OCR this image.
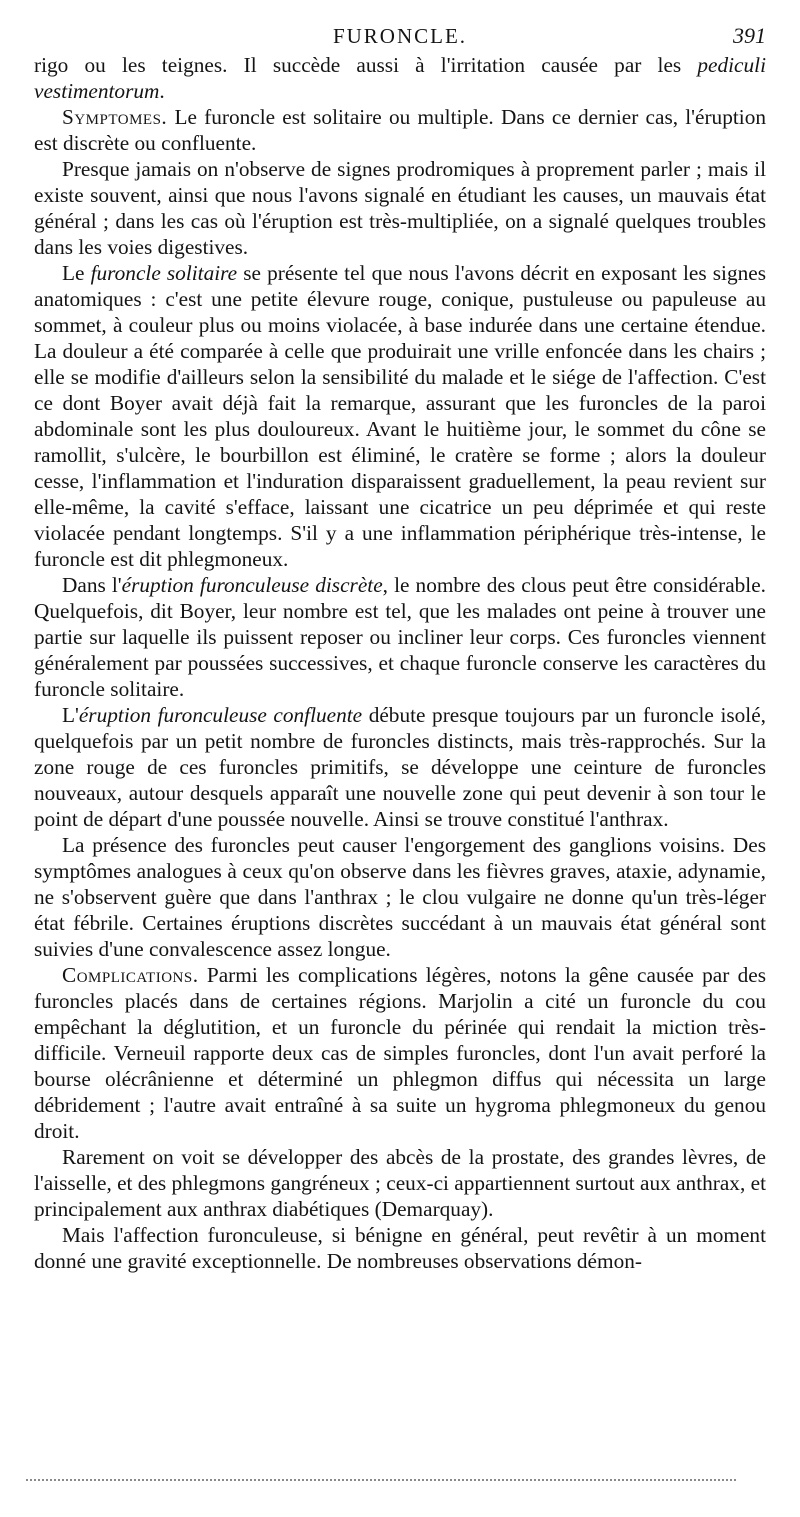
FURONCLE.	391

rigo ou les teignes. Il succède aussi à l'irritation causée par les pediculi vestimentorum.

Symptomes. Le furoncle est solitaire ou multiple. Dans ce dernier cas, l'éruption est discrète ou confluente.

Presque jamais on n'observe de signes prodromiques à proprement parler ; mais il existe souvent, ainsi que nous l'avons signalé en étudiant les causes, un mauvais état général ; dans les cas où l'éruption est très-multipliée, on a signalé quelques troubles dans les voies digestives.

Le furoncle solitaire se présente tel que nous l'avons décrit en exposant les signes anatomiques : c'est une petite élevure rouge, conique, pustuleuse ou papuleuse au sommet, à couleur plus ou moins violacée, à base indurée dans une certaine étendue. La douleur a été comparée à celle que produirait une vrille enfoncée dans les chairs ; elle se modifie d'ailleurs selon la sensibilité du malade et le siége de l'affection. C'est ce dont Boyer avait déjà fait la remarque, assurant que les furoncles de la paroi abdominale sont les plus douloureux. Avant le huitième jour, le sommet du cône se ramollit, s'ulcère, le bourbillon est éliminé, le cratère se forme ; alors la douleur cesse, l'inflammation et l'induration disparaissent graduellement, la peau revient sur elle-même, la cavité s'efface, laissant une cicatrice un peu déprimée et qui reste violacée pendant longtemps. S'il y a une inflammation périphérique très-intense, le furoncle est dit phlegmoneux.

Dans l'éruption furonculeuse discrète, le nombre des clous peut être considérable. Quelquefois, dit Boyer, leur nombre est tel, que les malades ont peine à trouver une partie sur laquelle ils puissent reposer ou incliner leur corps. Ces furoncles viennent généralement par poussées successives, et chaque furoncle conserve les caractères du furoncle solitaire.

L'éruption furonculeuse confluente débute presque toujours par un furoncle isolé, quelquefois par un petit nombre de furoncles distincts, mais très-rapprochés. Sur la zone rouge de ces furoncles primitifs, se développe une ceinture de furoncles nouveaux, autour desquels apparaît une nouvelle zone qui peut devenir à son tour le point de départ d'une poussée nouvelle. Ainsi se trouve constitué l'anthrax.

La présence des furoncles peut causer l'engorgement des ganglions voisins. Des symptômes analogues à ceux qu'on observe dans les fièvres graves, ataxie, adynamie, ne s'observent guère que dans l'anthrax ; le clou vulgaire ne donne qu'un très-léger état fébrile. Certaines éruptions discrètes succédant à un mauvais état général sont suivies d'une convalescence assez longue.

Complications. Parmi les complications légères, notons la gêne causée par des furoncles placés dans de certaines régions. Marjolin a cité un furoncle du cou empêchant la déglutition, et un furoncle du périnée qui rendait la miction très-difficile. Verneuil rapporte deux cas de simples furoncles, dont l'un avait perforé la bourse olécrânienne et déterminé un phlegmon diffus qui nécessita un large débridement ; l'autre avait entraîné à sa suite un hygroma phlegmoneux du genou droit.

Rarement on voit se développer des abcès de la prostate, des grandes lèvres, de l'aisselle, et des phlegmons gangréneux ; ceux-ci appartiennent surtout aux anthrax, et principalement aux anthrax diabétiques (Demarquay).

Mais l'affection furonculeuse, si bénigne en général, peut revêtir à un moment donné une gravité exceptionnelle. De nombreuses observations démon-
